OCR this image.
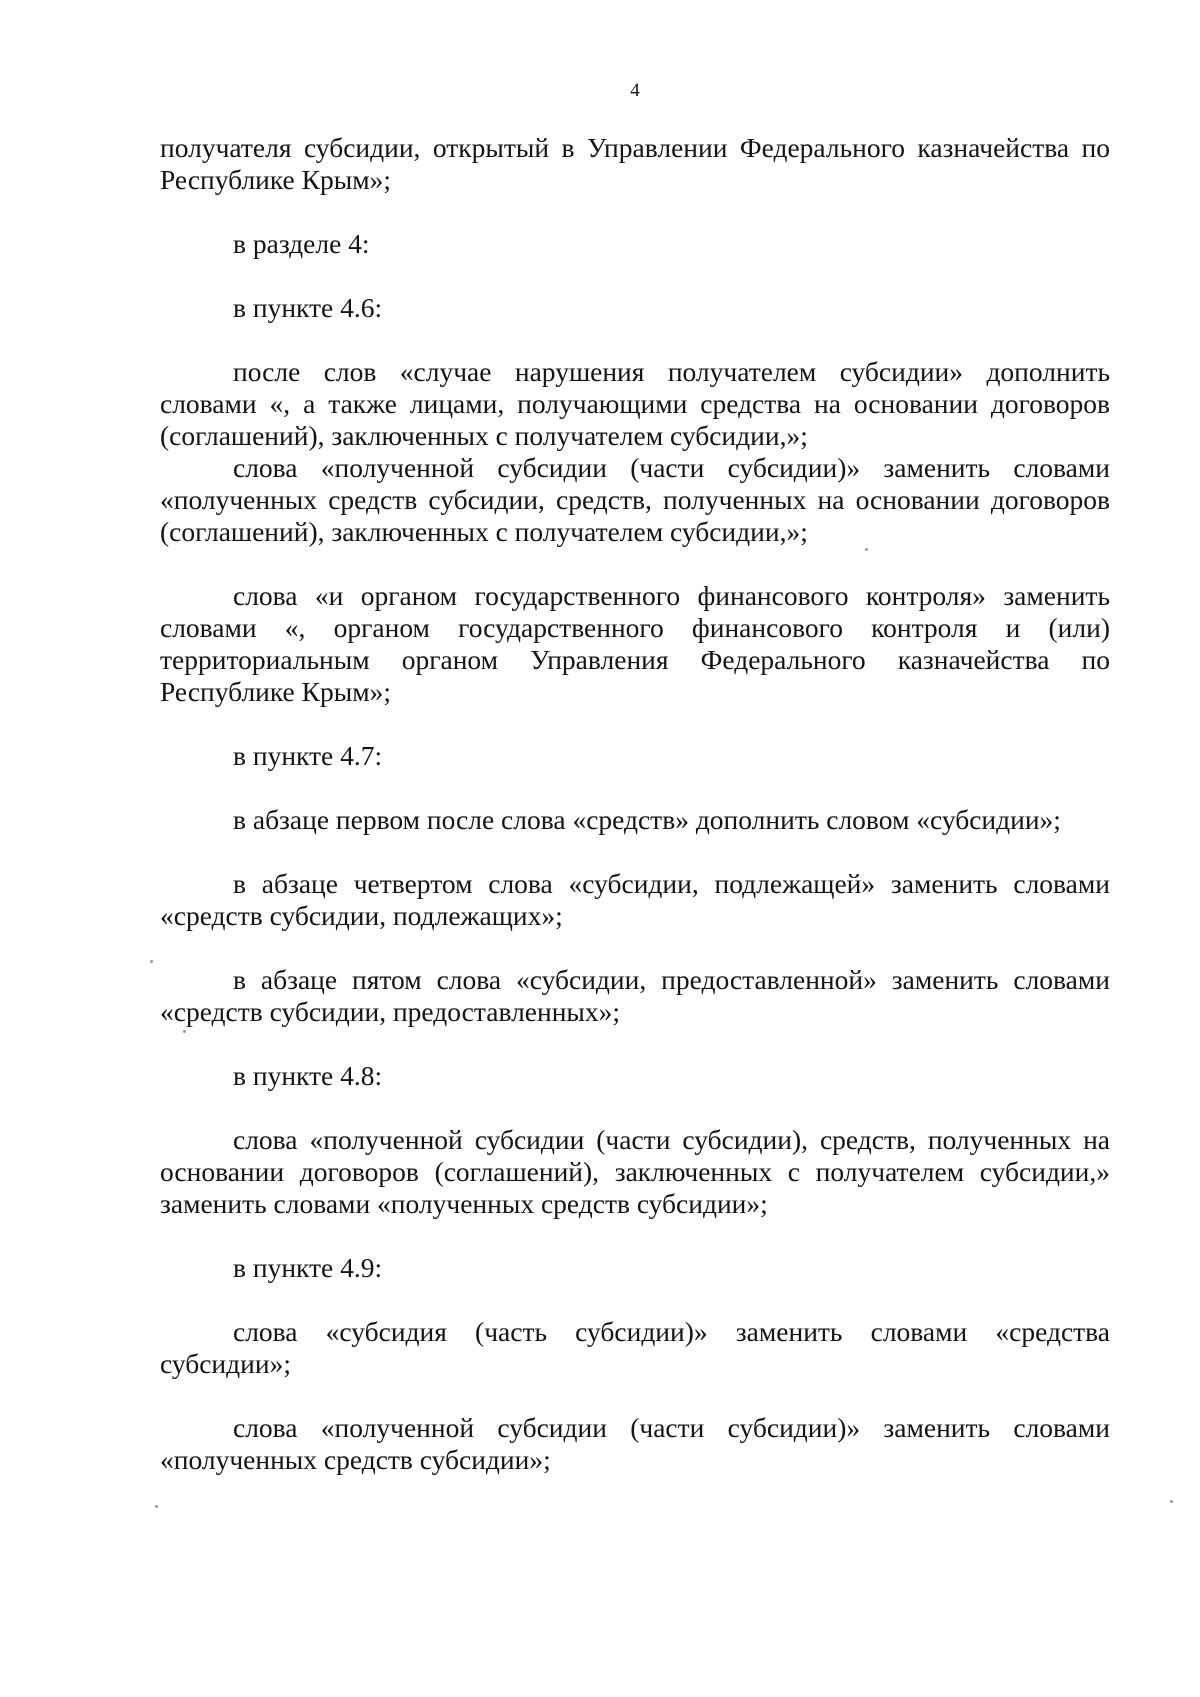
4

получателя субсидии, открытый в Управлении Федерального казначейства по Республике Крым»;

в разделе 4:

в пункте 4.6:

после слов «случае нарушения получателем субсидии» дополнить словами «, а также лицами, получающими средства на основании договоров (соглашений), заключенных с получателем субсидии,»;

слова «полученной субсидии (части субсидии)» заменить словами «полученных средств субсидии, средств, полученных на основании договоров (соглашений), заключенных с получателем субсидии,»;

слова «и органом государственного финансового контроля» заменить словами «, органом государственного финансового контроля и (или) территориальным органом Управления Федерального казначейства по Республике Крым»;

в пункте 4.7:

в абзаце первом после слова «средств» дополнить словом «субсидии»;

в абзаце четвертом слова «субсидии, подлежащей» заменить словами «средств субсидии, подлежащих»;

в абзаце пятом слова «субсидии, предоставленной» заменить словами «средств субсидии, предоставленных»;

в пункте 4.8:

слова «полученной субсидии (части субсидии), средств, полученных на основании договоров (соглашений), заключенных с получателем субсидии,» заменить словами «полученных средств субсидии»;

в пункте 4.9:

слова «субсидия (часть субсидии)» заменить словами «средства субсидии»;

слова «полученной субсидии (части субсидии)» заменить словами «полученных средств субсидии»;
